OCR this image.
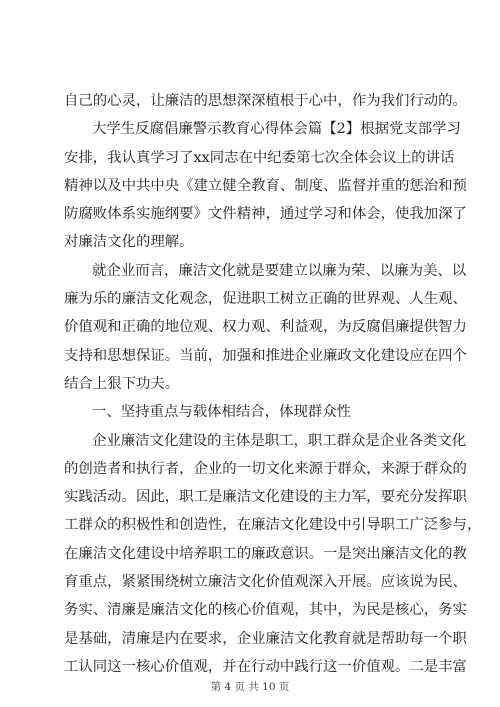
自己的心灵，让廉洁的思想深深植根于心中，作为我们行动的。
大学生反腐倡廉警示教育心得体会篇【2】根据党支部学习
安排，我认真学习了xx同志在中纪委第七次全体会议上的讲话
精神以及中共中央《建立健全教育、制度、监督并重的惩治和预
防腐败体系实施纲要》文件精神，通过学习和体会，使我加深了
对廉洁文化的理解。
就企业而言，廉洁文化就是要建立以廉为荣、以廉为美、以
廉为乐的廉洁文化观念，促进职工树立正确的世界观、人生观、
价值观和正确的地位观、权力观、利益观，为反腐倡廉提供智力
支持和思想保证。当前，加强和推进企业廉政文化建设应在四个
结合上狠下功夫。
一、坚持重点与载体相结合，体现群众性
企业廉洁文化建设的主体是职工，职工群众是企业各类文化
的创造者和执行者，企业的一切文化来源于群众，来源于群众的
实践活动。因此，职工是廉洁文化建设的主力军，要充分发挥职
工群众的积极性和创造性，在廉洁文化建设中引导职工广泛参与，
在廉洁文化建设中培养职工的廉政意识。一是突出廉洁文化的教
育重点，紧紧围绕树立廉洁文化价值观深入开展。应该说为民、
务实、清廉是廉洁文化的核心价值观，其中，为民是核心，务实
是基础，清廉是内在要求，企业廉洁文化教育就是帮助每一个职
工认同这一核心价值观，并在行动中践行这一价值观。二是丰富
第 4 页 共 10 页
